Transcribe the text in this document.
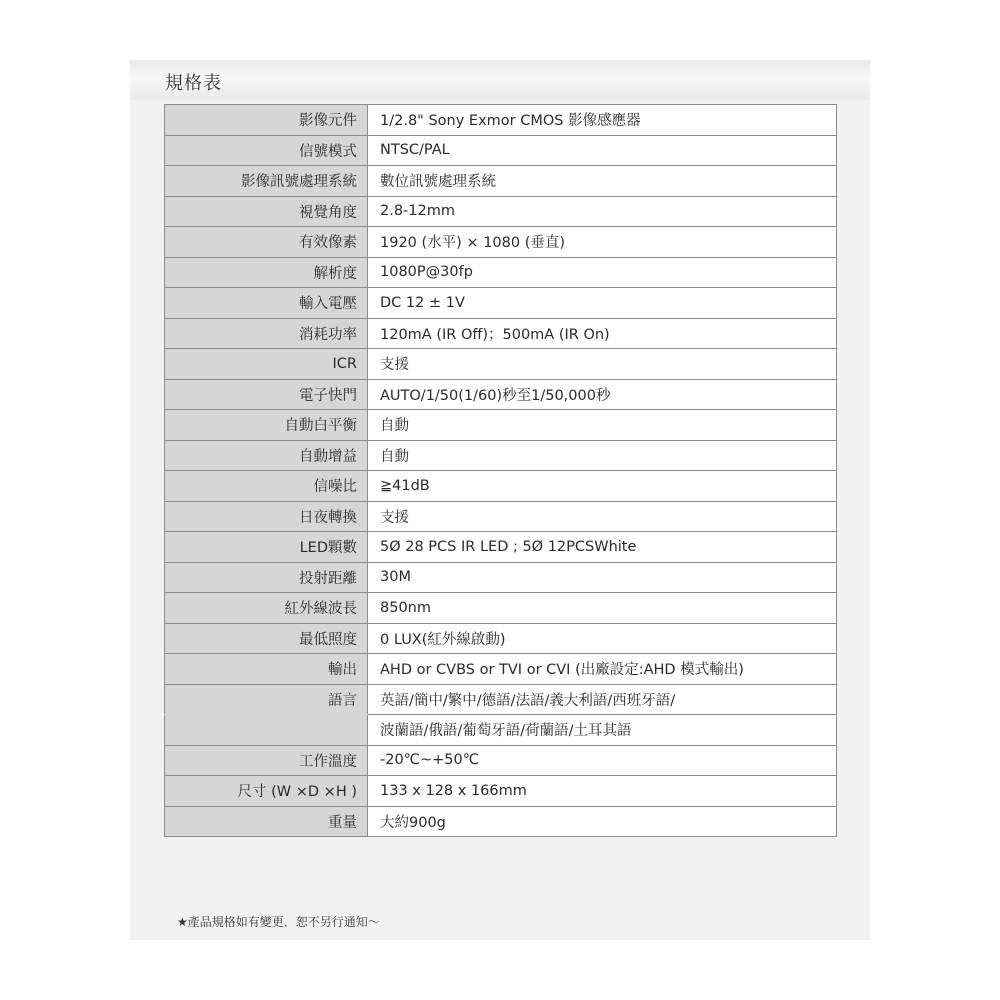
規格表
影像元件	1/2.8" Sony Exmor CMOS 影像感應器
信號模式	NTSC/PAL
影像訊號處理系統	數位訊號處理系統
視覺角度	2.8-12mm
有效像素	1920 (水平) × 1080 (垂直)
解析度	1080P@30fp
輸入電壓	DC 12 ± 1V
消耗功率	120mA (IR Off)；500mA (IR On)
ICR	支援
電子快門	AUTO/1/50(1/60)秒至1/50,000秒
自動白平衡	自動
自動增益	自動
信噪比	≧41dB
日夜轉換	支援
LED顆數	5Ø 28 PCS IR LED ; 5Ø 12PCSWhite
投射距離	30M
紅外線波長	850nm
最低照度	0 LUX(紅外線啟動)
輸出	AHD or CVBS or TVI or CVI (出廠設定:AHD 模式輸出)
語言	英語/簡中/繁中/德語/法語/義大利語/西班牙語/
	波蘭語/俄語/葡萄牙語/荷蘭語/土耳其語
工作溫度	-20℃~+50℃
尺寸 (W ×D ×H )	133 x 128 x 166mm
重量	大約900g
★產品規格如有變更．恕不另行通知～
